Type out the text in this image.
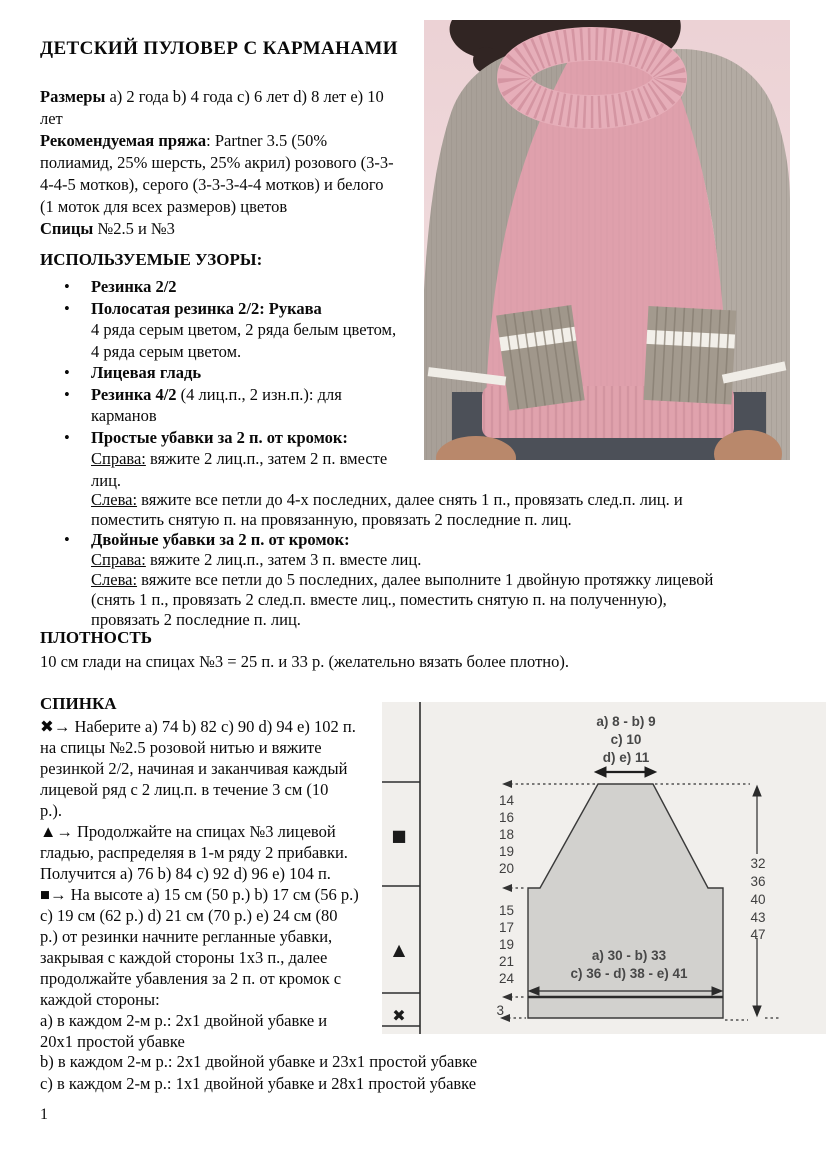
ДЕТСКИЙ ПУЛОВЕР С КАРМАНАМИ
Размеры a) 2 года b) 4 года c) 6 лет d) 8 лет e) 10
лет
Рекомендуемая пряжа: Partner 3.5 (50%
полиамид, 25% шерсть, 25% акрил) розового (3-3-
4-4-5 мотков), серого (3-3-3-4-4 мотков) и белого
(1 моток для всех размеров) цветов
Спицы №2.5 и №3
ИСПОЛЬЗУЕМЫЕ УЗОРЫ:
• Резинка 2/2
• Полосатая резинка 2/2: Рукава
4 ряда серым цветом, 2 ряда белым цветом,
4 ряда серым цветом.
• Лицевая гладь
• Резинка 4/2 (4 лиц.п., 2 изн.п.): для
карманов
• Простые убавки за 2 п. от кромок:
Справа: вяжите 2 лиц.п., затем 2 п. вместе
лиц.
Слева: вяжите все петли до 4-х последних, далее снять 1 п., провязать след.п. лиц. и
поместить снятую п. на провязанную, провязать 2 последние п. лиц.
• Двойные убавки за 2 п. от кромок:
Справа: вяжите 2 лиц.п., затем 3 п. вместе лиц.
Слева: вяжите все петли до 5 последних, далее выполните 1 двойную протяжку лицевой
(снять 1 п., провязать 2 след.п. вместе лиц., поместить снятую п. на полученную),
провязать 2 последние п. лиц.
ПЛОТНОСТЬ
10 см глади на спицах №3 = 25 п. и 33 р. (желательно вязать более плотно).
СПИНКА
✖→ Наберите a) 74 b) 82 c) 90 d) 94 e) 102 п.
на спицы №2.5 розовой нитью и вяжите
резинкой 2/2, начиная и заканчивая каждый
лицевой ряд с 2 лиц.п. в течение 3 см (10
р.).
▲→ Продолжайте на спицах №3 лицевой
гладью, распределяя в 1-м ряду 2 прибавки.
Получится a) 76 b) 84 c) 92 d) 96 e) 104 п.
■→ На высоте a) 15 см (50 р.) b) 17 см (56 р.)
c) 19 см (62 р.) d) 21 см (70 р.) e) 24 см (80
р.) от резинки начните регланные убавки,
закрывая с каждой стороны 1x3 п., далее
продолжайте убавления за 2 п. от кромок с
каждой стороны:
a) в каждом 2-м р.: 2x1 двойной убавке и
20x1 простой убавке
b) в каждом 2-м р.: 2x1 двойной убавке и 23x1 простой убавке
c) в каждом 2-м р.: 1x1 двойной убавке и 28x1 простой убавке
1
■
▲
✖
a) 8 - b) 9
c) 10
d) e) 11
14
16
18
19
20
15
17
19
21
24
3
32
36
40
43
47
a) 30 - b) 33
c) 36 - d) 38 - e) 41
